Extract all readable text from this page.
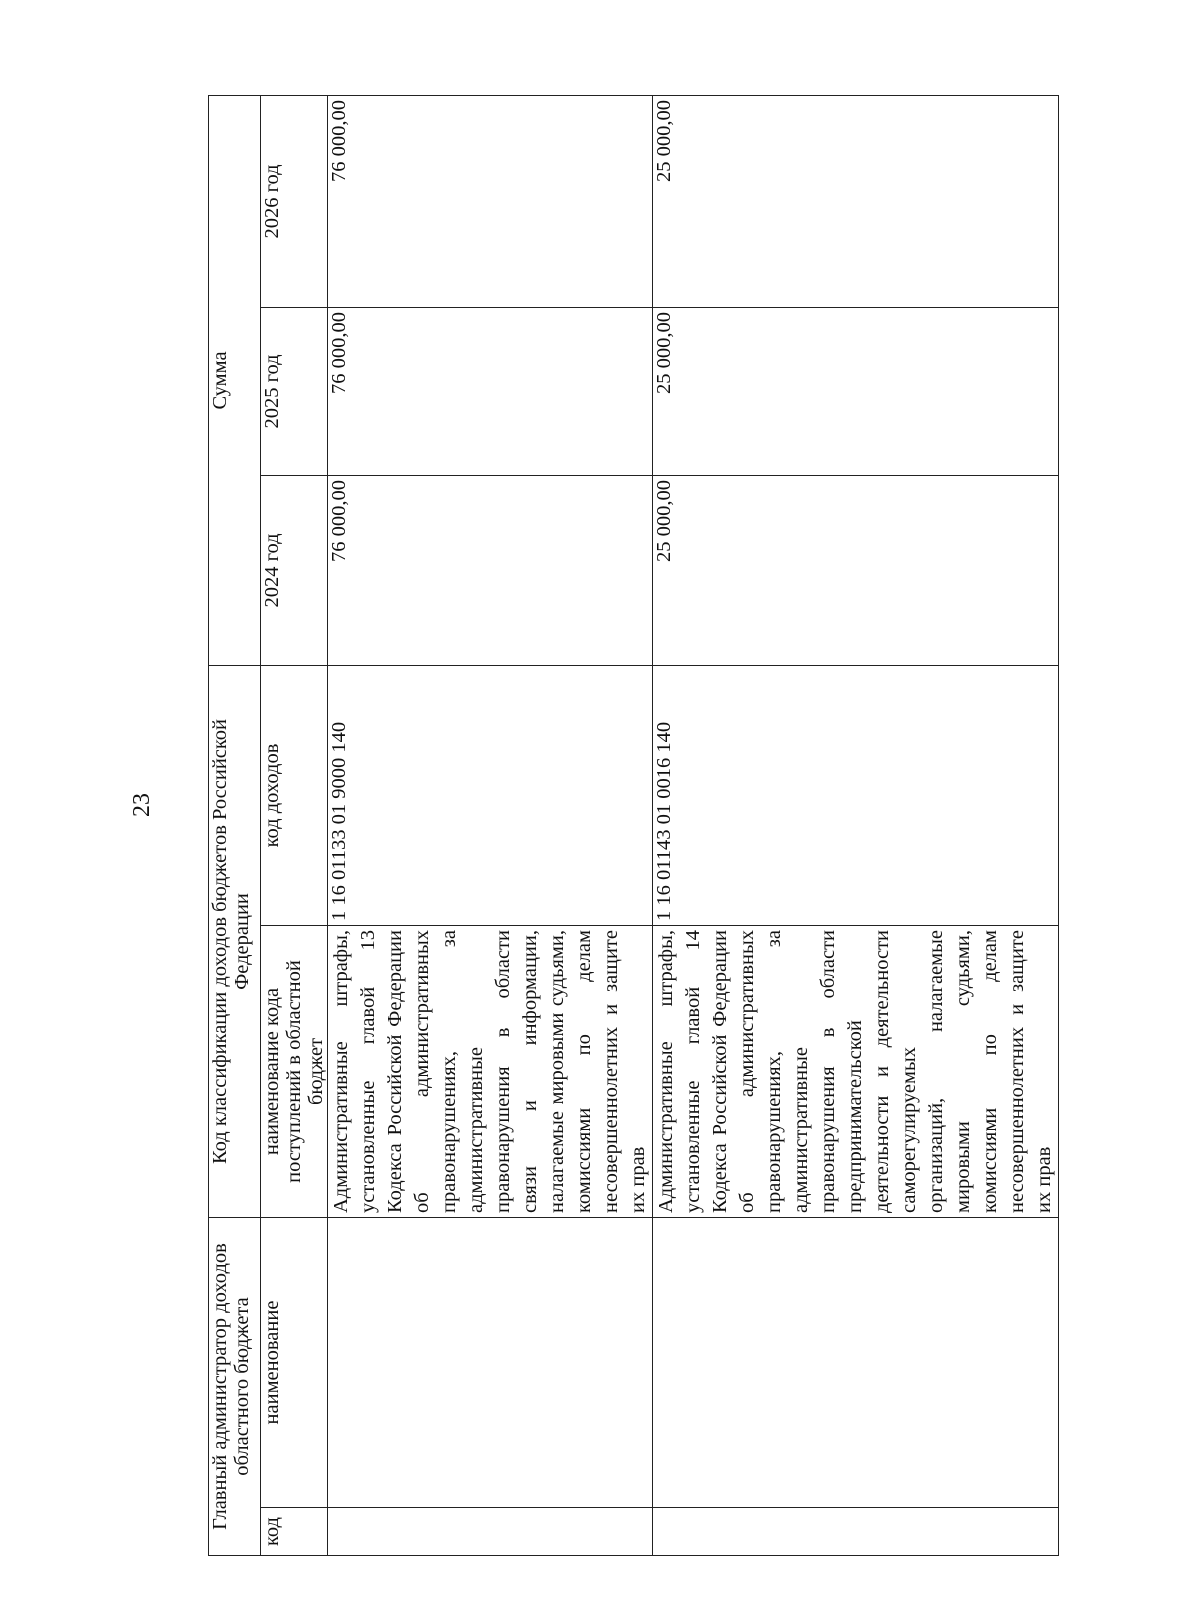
23
Главный администратор доходов областного бюджета		Код классификации доходов бюджетов Российской Федерации		Сумма		
код	наименование	наименование кода поступлений в областной бюджет	код доходов	2024 год	2025 год	2026 год
		Административные штрафы, установленные главой 13 Кодекса Российской Федерации об административных правонарушениях, за административные правонарушения в области связи и информации, налагаемые мировыми судьями, комиссиями по делам несовершеннолетних и защите их прав	1 16 01133 01 9000 140	76 000,00	76 000,00	76 000,00
		Административные штрафы, установленные главой 14 Кодекса Российской Федерации об административных правонарушениях, за административные правонарушения в области предпринимательской деятельности и деятельности саморегулируемых организаций, налагаемые мировыми судьями, комиссиями по делам несовершеннолетних и защите их прав	1 16 01143 01 0016 140	25 000,00	25 000,00	25 000,00
